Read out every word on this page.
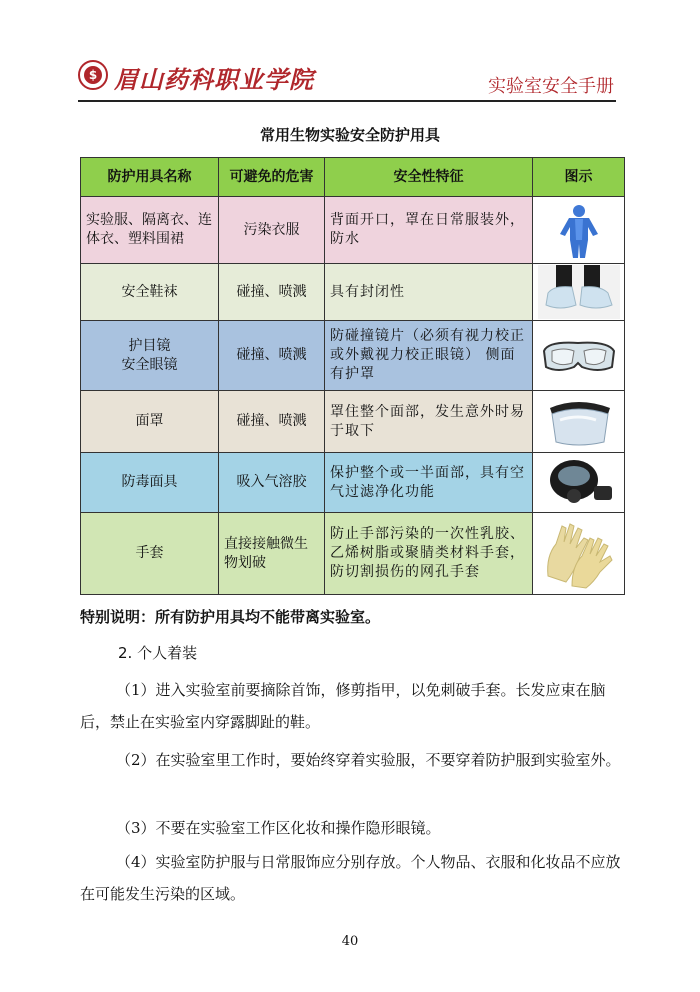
$ 眉山药科职业学院	实验室安全手册
常用生物实验安全防护用具
防护用具名称	可避免的危害	安全性特征	图示
实验服、隔离衣、连体衣、塑料围裙	污染衣服	背面开口，罩在日常服装外，防水	

安全鞋袜	碰撞、喷溅	具有封闭性	

护目镜
安全眼镜	碰撞、喷溅	防碰撞镜片（必须有视力校正或外戴视力校正眼镜） 侧面有护罩	

面罩	碰撞、喷溅	罩住整个面部，发生意外时易于取下	

防毒面具	吸入气溶胶	保护整个或一半面部，具有空气过滤净化功能	

手套	直接接触微生物划破	防止手部污染的一次性乳胶、乙烯树脂或聚腈类材料手套，防切割损伤的网孔手套	
特别说明：所有防护用具均不能带离实验室。
2. 个人着装

（1）进入实验室前要摘除首饰，修剪指甲，以免刺破手套。长发应束在脑后，禁止在实验室内穿露脚趾的鞋。

（2）在实验室里工作时，要始终穿着实验服，不要穿着防护服到实验室外。

（3）不要在实验室工作区化妆和操作隐形眼镜。

（4）实验室防护服与日常服饰应分别存放。个人物品、衣服和化妆品不应放在可能发生污染的区域。

40
